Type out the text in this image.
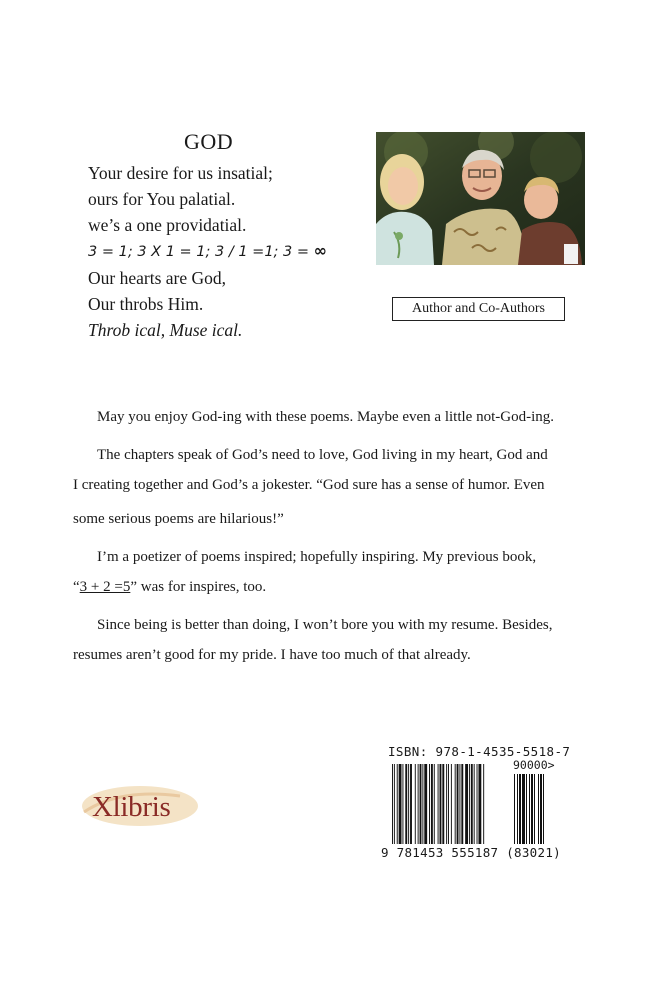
GOD
Your desire for us insatial;
ours for You palatial.
we’s a one providatial.
3 = 1; 3 X 1 = 1; 3 / 1 =1; 3 = ∞
Our hearts are God,
Our throbs Him.
Throb ical, Muse ical.
Author and Co-Authors

May you enjoy God-ing with these poems. Maybe even a little not-God-ing.

The chapters speak of God’s need to love, God living in my heart, God and

I creating together and God’s a jokester. “God sure has a sense of humor. Even

some serious poems are hilarious!”

I’m a poetizer of poems inspired; hopefully inspiring. My previous book,

“3 + 2 =5” was for inspires, too.

Since being is better than doing, I won’t bore you with my resume. Besides,

resumes aren’t good for my pride. I have too much of that already.

ISBN: 978-1-4535-5518-7
90000>
9 781453 555187 (83021)
Xlibris
